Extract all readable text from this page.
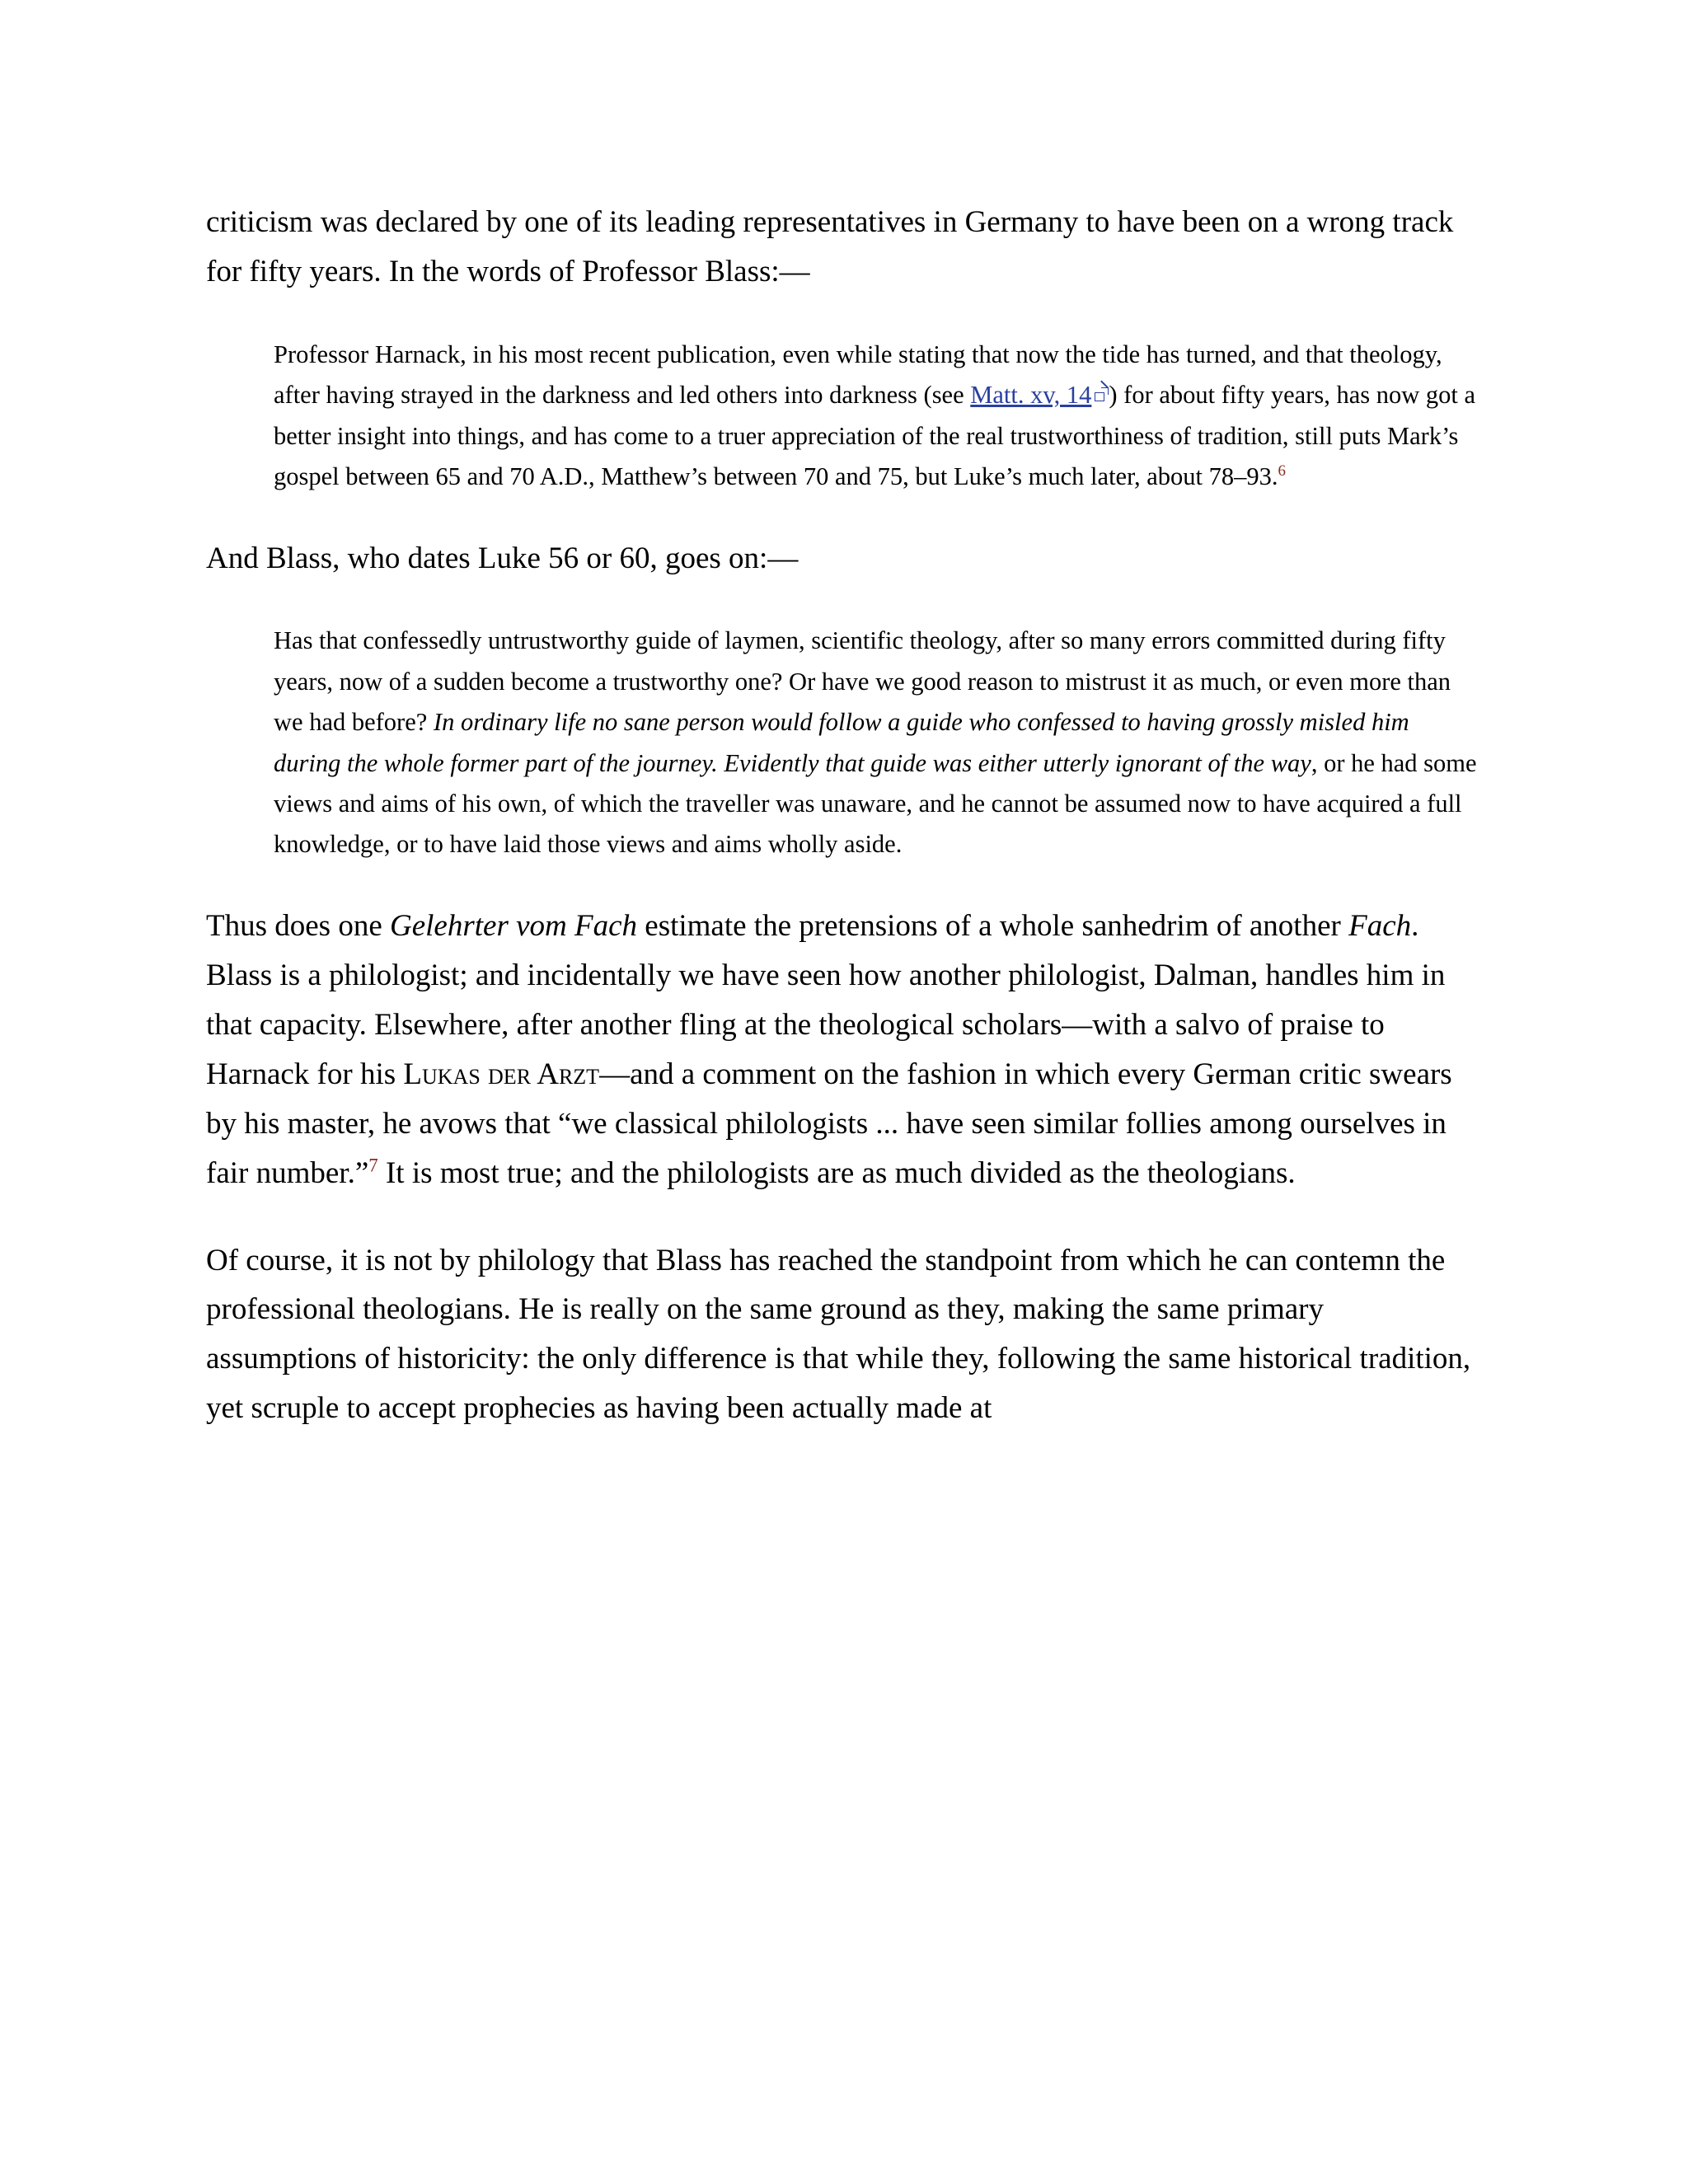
criticism was declared by one of its leading representatives in Germany to have been on a wrong track for fifty years. In the words of Professor Blass:—

Professor Harnack, in his most recent publication, even while stating that now the tide has turned, and that theology, after having strayed in the darkness and led others into darkness (see Matt. xv, 14 ) for about fifty years, has now got a better insight into things, and has come to a truer appreciation of the real trustworthiness of tradition, still puts Mark’s gospel between 65 and 70 A.D., Matthew’s between 70 and 75, but Luke’s much later, about 78–93.$^6$

And Blass, who dates Luke 56 or 60, goes on:—

Has that confessedly untrustworthy guide of laymen, scientific theology, after so many errors committed during fifty years, now of a sudden become a trustworthy one? Or have we good reason to mistrust it as much, or even more than we had before? In ordinary life no sane person would follow a guide who confessed to having grossly misled him during the whole former part of the journey. Evidently that guide was either utterly ignorant of the way, or he had some views and aims of his own, of which the traveller was unaware, and he cannot be assumed now to have acquired a full knowledge, or to have laid those views and aims wholly aside.

Thus does one Gelehrter vom Fach estimate the pretensions of a whole sanhedrim of another Fach. Blass is a philologist; and incidentally we have seen how another philologist, Dalman, handles him in that capacity. Elsewhere, after another fling at the theological scholars—with a salvo of praise to Harnack for his Lukas der Arzt—and a comment on the fashion in which every German critic swears by his master, he avows that “we classical philologists ... have seen similar follies among ourselves in fair number.”$^7$ It is most true; and the philologists are as much divided as the theologians.

Of course, it is not by philology that Blass has reached the standpoint from which he can contemn the professional theologians. He is really on the same ground as they, making the same primary assumptions of historicity: the only difference is that while they, following the same historical tradition, yet scruple to accept prophecies as having been actually made at
